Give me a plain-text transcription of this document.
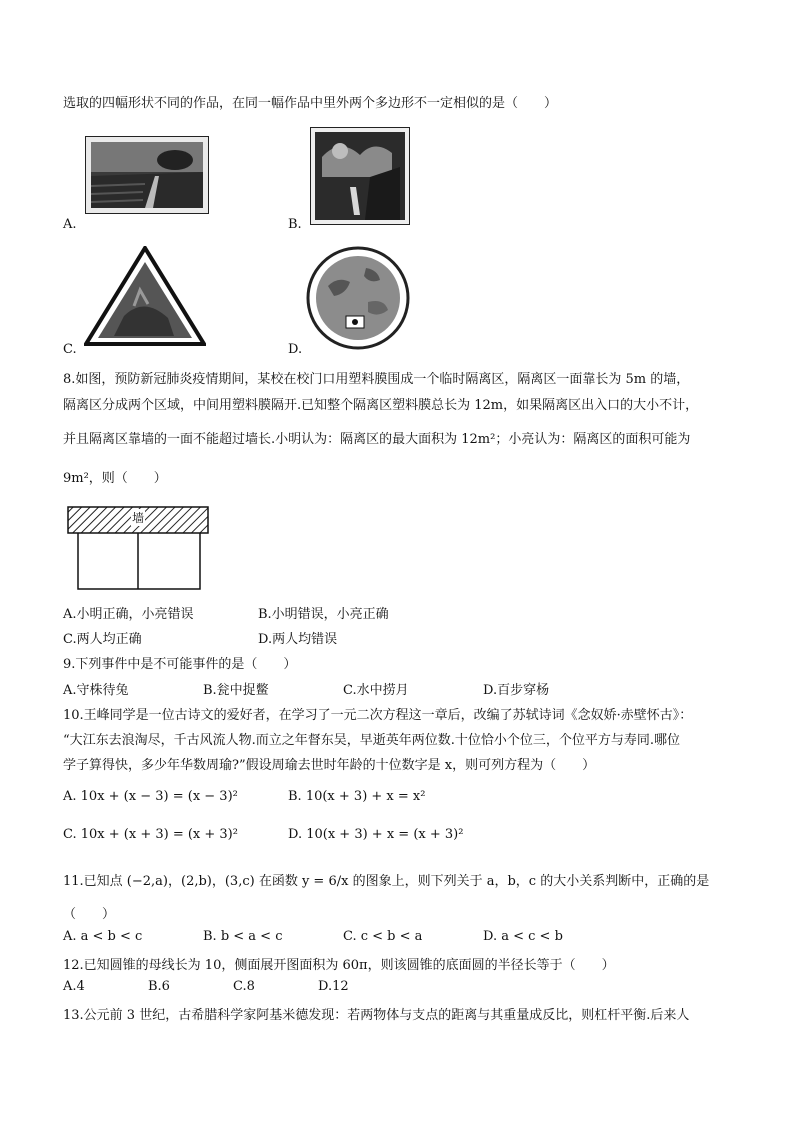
选取的四幅形状不同的作品，在同一幅作品中里外两个多边形不一定相似的是（　　）
A.	B.
C.	D.
8.如图，预防新冠肺炎疫情期间，某校在校门口用塑料膜围成一个临时隔离区，隔离区一面靠长为 5m 的墙，
隔离区分成两个区域，中间用塑料膜隔开.已知整个隔离区塑料膜总长为 12m，如果隔离区出入口的大小不计，
并且隔离区靠墙的一面不能超过墙长.小明认为：隔离区的最大面积为 12m²；小亮认为：隔离区的面积可能为
9m²，则（　　）
墙
A.小明正确，小亮错误	B.小明错误，小亮正确
C.两人均正确	D.两人均错误
9.下列事件中是不可能事件的是（　　）
A.守株待兔	B.瓮中捉鳖	C.水中捞月	D.百步穿杨
10.王峰同学是一位古诗文的爱好者，在学习了一元二次方程这一章后，改编了苏轼诗词《念奴娇·赤壁怀古》：
“大江东去浪淘尽，千古风流人物.而立之年督东吴，早逝英年两位数.十位恰小个位三，个位平方与寿同.哪位
学子算得快，多少年华数周瑜?”假设周瑜去世时年龄的十位数字是 x，则可列方程为（　　）
A. 10x + (x − 3) = (x − 3)²	B. 10(x + 3) + x = x²
C. 10x + (x + 3) = (x + 3)²	D. 10(x + 3) + x = (x + 3)²
11.已知点 (−2,a)，(2,b)，(3,c) 在函数 y = 6/x 的图象上，则下列关于 a，b，c 的大小关系判断中，正确的是
（　　）
A. a < b < c	B. b < a < c	C. c < b < a	D. a < c < b
12.已知圆锥的母线长为 10，侧面展开图面积为 60π，则该圆锥的底面圆的半径长等于（　　）
A.4	B.6	C.8	D.12
13.公元前 3 世纪，古希腊科学家阿基米德发现：若两物体与支点的距离与其重量成反比，则杠杆平衡.后来人
